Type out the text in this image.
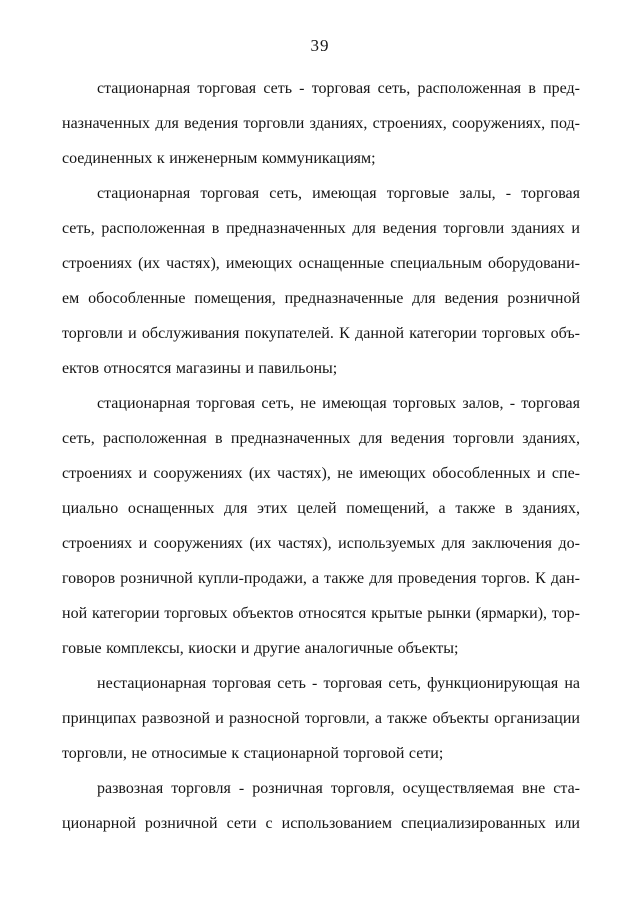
39
стационарная торговая сеть - торговая сеть, расположенная в пред-
назначенных для ведения торговли зданиях, строениях, сооружениях, под-
соединенных к инженерным коммуникациям;
стационарная торговая сеть, имеющая торговые залы, - торговая
сеть, расположенная в предназначенных для ведения торговли зданиях и
строениях (их частях), имеющих оснащенные специальным оборудовани-
ем обособленные помещения, предназначенные для ведения розничной
торговли и обслуживания покупателей. К данной категории торговых объ-
ектов относятся магазины и павильоны;
стационарная торговая сеть, не имеющая торговых залов, - торговая
сеть, расположенная в предназначенных для ведения торговли зданиях,
строениях и сооружениях (их частях), не имеющих обособленных и спе-
циально оснащенных для этих целей помещений, а также в зданиях,
строениях и сооружениях (их частях), используемых для заключения до-
говоров розничной купли-продажи, а также для проведения торгов. К дан-
ной категории торговых объектов относятся крытые рынки (ярмарки), тор-
говые комплексы, киоски и другие аналогичные объекты;
нестационарная торговая сеть - торговая сеть, функционирующая на
принципах развозной и разносной торговли, а также объекты организации
торговли, не относимые к стационарной торговой сети;
развозная торговля - розничная торговля, осуществляемая вне ста-
ционарной розничной сети с использованием специализированных или
